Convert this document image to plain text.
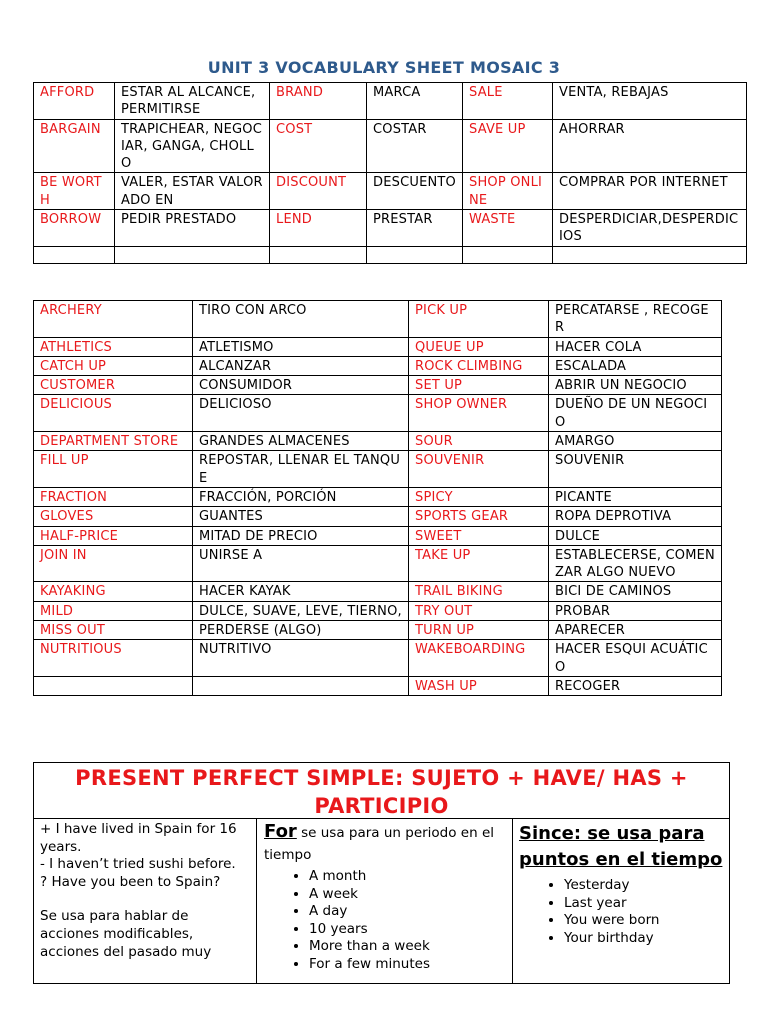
UNIT 3 VOCABULARY SHEET MOSAIC 3
AFFORD	ESTAR AL ALCANCE,PERMITIRSE	BRAND	MARCA	SALE	VENTA, REBAJAS
BARGAIN	TRAPICHEAR, NEGOCIAR, GANGA, CHOLLO	COST	COSTAR	SAVE UP	AHORRAR
BE WORTH	VALER, ESTAR VALORADO EN	DISCOUNT	DESCUENTO	SHOP ONLINE	COMPRAR POR INTERNET
BORROW	PEDIR PRESTADO	LEND	PRESTAR	WASTE	DESPERDICIAR,DESPERDICIOS

ARCHERY	TIRO CON ARCO	PICK UP	PERCATARSE , RECOGER
ATHLETICS	ATLETISMO	QUEUE UP	HACER COLA
CATCH UP	ALCANZAR	ROCK CLIMBING	ESCALADA
CUSTOMER	CONSUMIDOR	SET UP	ABRIR UN NEGOCIO
DELICIOUS	DELICIOSO	SHOP OWNER	DUEÑO DE UN NEGOCIO
DEPARTMENT STORE	GRANDES ALMACENES	SOUR	AMARGO
FILL UP	REPOSTAR, LLENAR EL TANQUE	SOUVENIR	SOUVENIR
FRACTION	FRACCIÓN, PORCIÓN	SPICY	PICANTE
GLOVES	GUANTES	SPORTS GEAR	ROPA DEPROTIVA
HALF-PRICE	MITAD DE PRECIO	SWEET	DULCE
JOIN IN	UNIRSE A	TAKE UP	ESTABLECERSE, COMENZAR ALGO NUEVO
KAYAKING	HACER KAYAK	TRAIL BIKING	BICI DE CAMINOS
MILD	DULCE, SUAVE, LEVE, TIERNO,	TRY OUT	PROBAR
MISS OUT	PERDERSE (ALGO)	TURN UP	APARECER
NUTRITIOUS	NUTRITIVO	WAKEBOARDING	HACER ESQUI ACUÁTICO
		WASH UP	RECOGER
PRESENT PERFECT SIMPLE: SUJETO + HAVE/ HAS + PARTICIPIO

+ I have lived in Spain for 16 years.

- I haven’t tried sushi before.

? Have you been to Spain?

Se usa para hablar de acciones modificables, acciones del pasado muy

For se usa para un periodo en el tiempo
• A month
• A week
• A day
• 10 years
• More than a week
• For a few minutes

Since: se usa para puntos en el tiempo

• Yesterday
• Last year
• You were born
• Your birthday
